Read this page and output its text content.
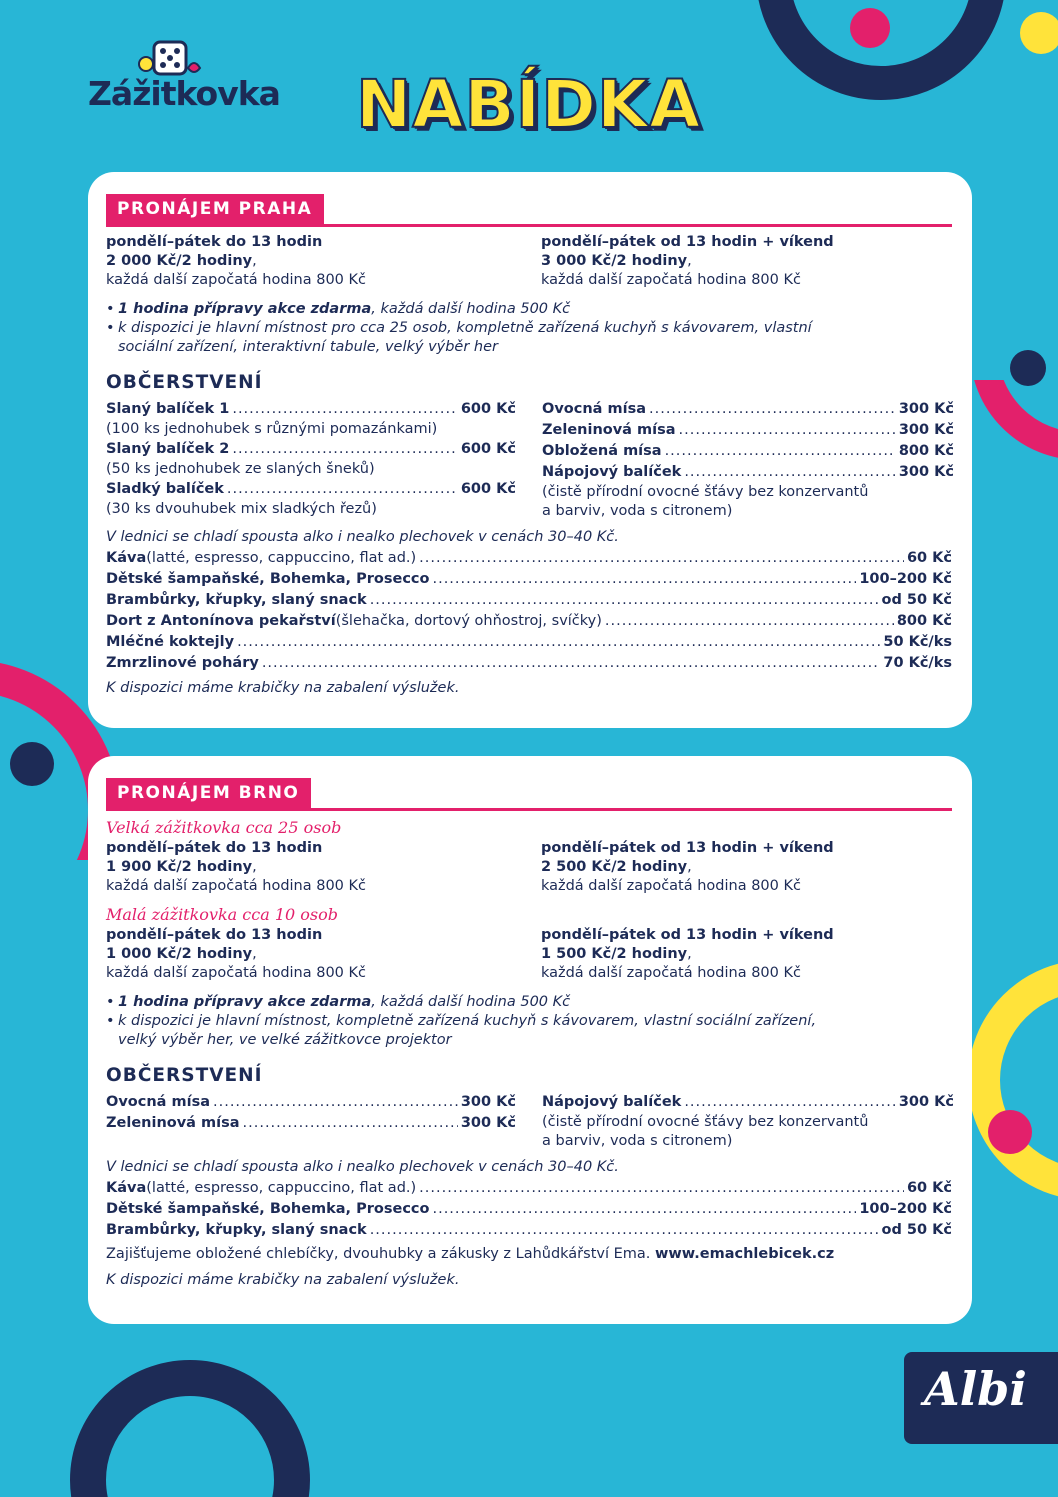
Zážitkovka NABÍDKA
PRONÁJEM PRAHA
pondělí–pátek do 13 hodin
2 000 Kč/2 hodiny,
každá další započatá hodina 800 Kč
pondělí–pátek od 13 hodin + víkend
3 000 Kč/2 hodiny,
každá další započatá hodina 800 Kč
• 1 hodina přípravy akce zdarma, každá další hodina 500 Kč
• k dispozici je hlavní místnost pro cca 25 osob, kompletně zařízená kuchyň s kávovarem, vlastní
sociální zařízení, interaktivní tabule, velký výběr her
OBČERSTVENÍ
Slaný balíček 1 .....	600 Kč
(100 ks jednohubek s různými pomazánkami)
Slaný balíček 2 .....	600 Kč
(50 ks jednohubek ze slaných šneků)
Sladký balíček .....	600 Kč
(30 ks dvouhubek mix sladkých řezů)
Ovocná mísa .....	300 Kč
Zeleninová mísa .....	300 Kč
Obložená mísa .....	800 Kč
Nápojový balíček .....	300 Kč
(čistě přírodní ovocné šťávy bez konzervantů
a barviv, voda s citronem)
V lednici se chladí spousta alko i nealko plechovek v cenách 30–40 Kč.
Káva (latté, espresso, cappuccino, flat ad.) .....	60 Kč
Dětské šampaňské, Bohemka, Prosecco .....	100–200 Kč
Brambůrky, křupky, slaný snack .....	od 50 Kč
Dort z Antonínova pekařství (šlehačka, dortový ohňostroj, svíčky) .....	800 Kč
Mléčné koktejly .....	50 Kč/ks
Zmrzlinové poháry .....	70 Kč/ks
K dispozici máme krabičky na zabalení výslužek.
PRONÁJEM BRNO
Velká zážitkovka cca 25 osob
pondělí–pátek do 13 hodin
1 900 Kč/2 hodiny,
každá další započatá hodina 800 Kč
pondělí–pátek od 13 hodin + víkend
2 500 Kč/2 hodiny,
každá další započatá hodina 800 Kč
Malá zážitkovka cca 10 osob
pondělí–pátek do 13 hodin
1 000 Kč/2 hodiny,
každá další započatá hodina 800 Kč
pondělí–pátek od 13 hodin + víkend
1 500 Kč/2 hodiny,
každá další započatá hodina 800 Kč
• 1 hodina přípravy akce zdarma, každá další hodina 500 Kč
• k dispozici je hlavní místnost, kompletně zařízená kuchyň s kávovarem, vlastní sociální zařízení,
velký výběr her, ve velké zážitkovce projektor
OBČERSTVENÍ
Ovocná mísa .....	300 Kč
Zeleninová mísa .....	300 Kč
Nápojový balíček .....	300 Kč
(čistě přírodní ovocné šťávy bez konzervantů
a barviv, voda s citronem)
V lednici se chladí spousta alko i nealko plechovek v cenách 30–40 Kč.
Káva (latté, espresso, cappuccino, flat ad.) .....	60 Kč
Dětské šampaňské, Bohemka, Prosecco .....	100–200 Kč
Brambůrky, křupky, slaný snack .....	od 50 Kč
Zajišťujeme obložené chlebíčky, dvouhubky a zákusky z Lahůdkářství Ema. www.emachlebicek.cz
K dispozici máme krabičky na zabalení výslužek.
Albi
